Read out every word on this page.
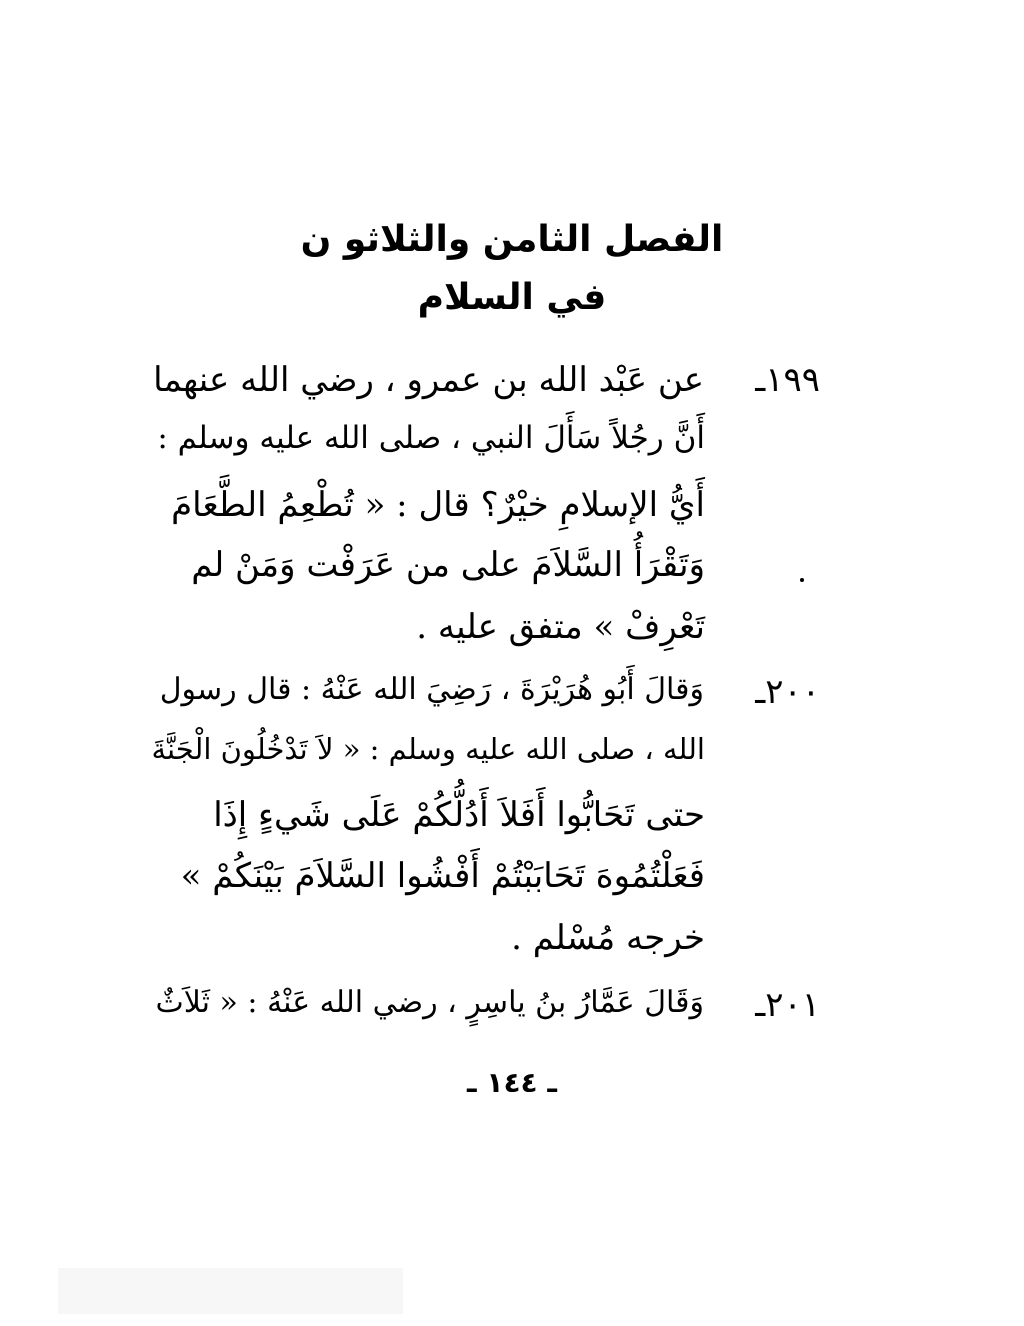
الفصل الثامن والثلاثو ن
في السلام
١٩٩ـ
عن عَبْد الله بن عمرو ، رضي الله عنهما
أَنَّ رجُلاً سَأَلَ النبي ، صلى الله عليه وسلم :
أَيُّ الإسلامِ خيْرٌ؟ قال : « تُطْعِمُ الطَّعَامَ
وَتَقْرَأُ السَّلاَمَ على من عَرَفْت وَمَنْ لم
تَعْرِفْ » متفق عليه .
٢٠٠ـ
وَقالَ أَبُو هُرَيْرَةَ ، رَضِيَ الله عَنْهُ : قال رسول
الله ، صلى الله عليه وسلم : « لاَ تَدْخُلُونَ الْجَنَّةَ
حتى تَحَابُّوا أَفَلاَ أَدُلُّكُمْ عَلَى شَيءٍ إِذَا
فَعَلْتُمُوهَ تَحَابَبْتُمْ أَفْشُوا السَّلاَمَ بَيْنَكُمْ »
خرجه مُسْلم .
٢٠١ـ
وَقَالَ عَمَّارُ بنُ ياسِرٍ ، رضي الله عَنْهُ : « ثَلاَثٌ
ـ ١٤٤ ـ
